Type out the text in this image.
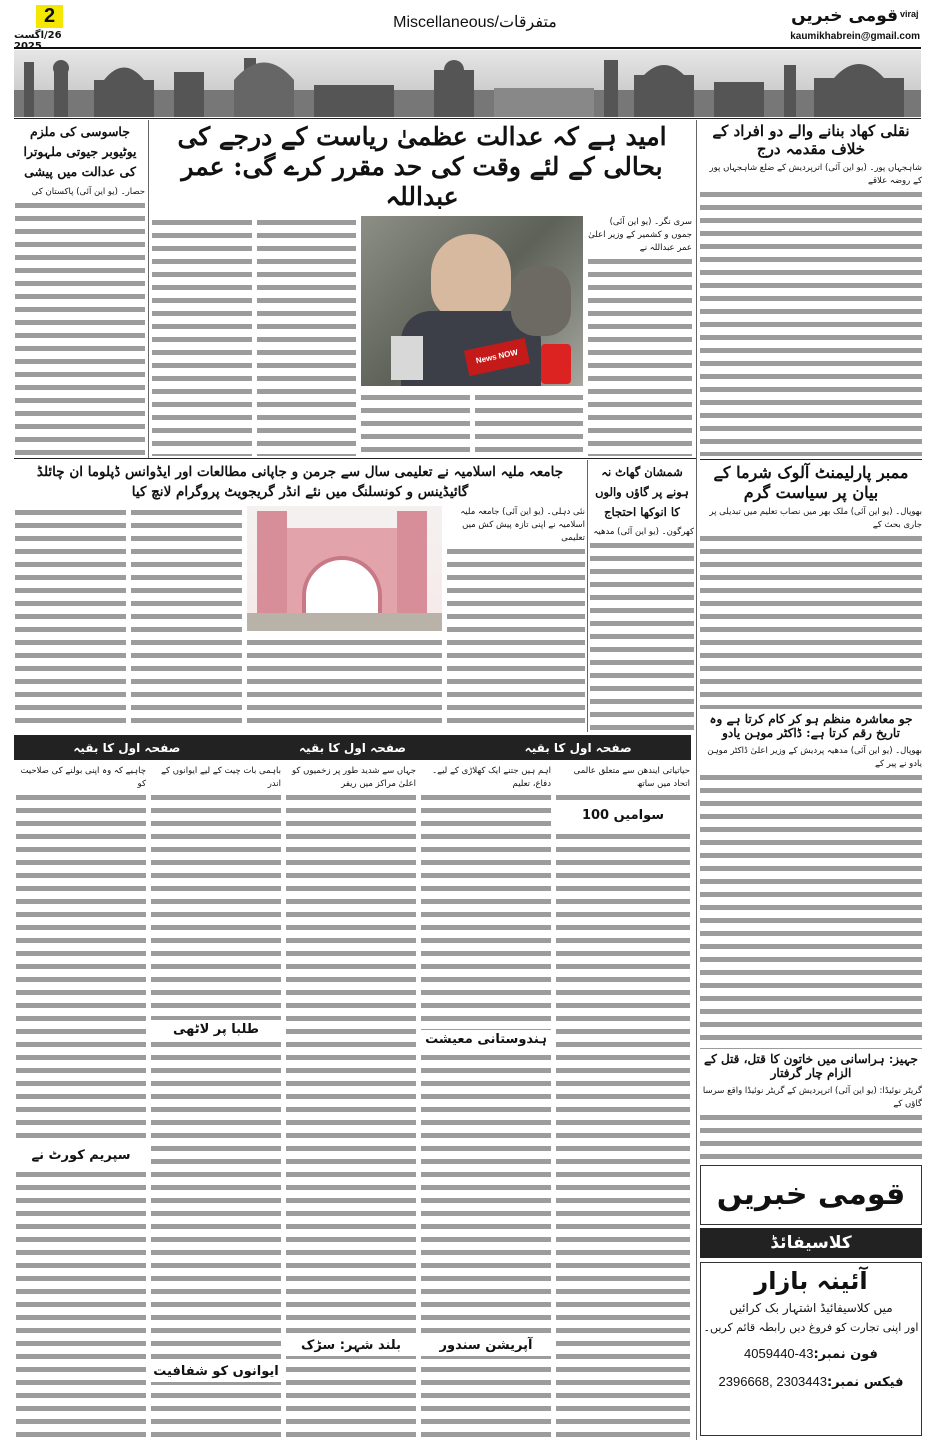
2
26/اگست
Miscellaneous/متفرقات	قومی خبریں viraj
kaumikhabrein@gmail.com
نقلی کھاد بنانے والے دو افراد کے خلاف مقدمہ درج
شاہجہاں پور۔ (یو این آئی) اترپردیش کے ضلع شاہجہاں پور کے روضہ علاقے
ممبر پارلیمنٹ آلوک شرما کے بیان پر سیاست گرم
بھوپال۔ (یو این آئی) ملک بھر میں نصاب تعلیم میں تبدیلی پر جاری بحث کے
جو معاشرہ منظم ہو کر کام کرتا ہے وہ تاریخ رقم کرتا ہے: ڈاکٹر موہن یادو
بھوپال۔ (یو این آئی) مدھیہ پردیش کے وزیر اعلیٰ ڈاکٹر موہن یادو نے پیر کے
جہیز: ہراسانی میں خاتون کا قتل، قتل کے الزام چار گرفتار
گریٹر نوئیڈا: (یو این آئی) اترپردیش کے گریٹر نوئیڈا واقع سرسا گاؤں کے
قومی خبریں
کلاسیفائڈ
آئینہ بازار
میں کلاسیفائیڈ اشتہار بک کرائیں
اور اپنی تجارت کو فروغ دیں رابطہ قائم کریں۔
فون نمبر:4059440-43
فیکس نمبر:2396668, 2303443
امید ہے کہ عدالت عظمیٰ ریاست کے درجے کی بحالی کے لئے وقت کی حد مقرر کرے گی: عمر عبداللہ
سری نگر۔ (یو این آئی) جموں و کشمیر کے وزیر اعلیٰ عمر عبداللہ نے
News NOW
جاسوسی کی ملزم یوٹیوبر جیوتی ملہوترا کی عدالت میں پیشی
حصار۔ (یو این آئی) پاکستان کی
شمشان گھاٹ نہ ہونے پر گاؤں والوں کا انوکھا احتجاج
کھرگون۔ (یو این آئی) مدھیہ
جامعہ ملیہ اسلامیہ نے تعلیمی سال سے جرمن و جاپانی مطالعات اور ایڈوانس ڈپلوما ان چائلڈ گائیڈینس و کونسلنگ میں نئے انڈر گریجویٹ پروگرام لانچ کیا
نئی دہلی۔ (یو این آئی) جامعہ ملیہ اسلامیہ نے اپنی تازہ پیش کش میں تعلیمی
صفحہ اول کا بقیہ
صفحہ اول کا بقیہ
صفحہ اول کا بقیہ
حیاتیاتی ایندھن سے متعلق عالمی اتحاد میں ساتھ
اہم ہیں جتنے ایک کھلاڑی کے لیے۔ دفاع، تعلیم
جہاں سے شدید طور پر زخمیوں کو اعلیٰ مراکز میں ریفر
باہمی بات چیت کے لیے ایوانوں کے اندر
چاہیے کہ وہ اپنی بولنے کی صلاحیت کو
سوامیں 100
طلبا پر لاٹھی
ہندوستانی معیشت
آپریشن سندور
بلند شہر: سڑک
ایوانوں کو شفافیت
سپریم کورٹ نے
